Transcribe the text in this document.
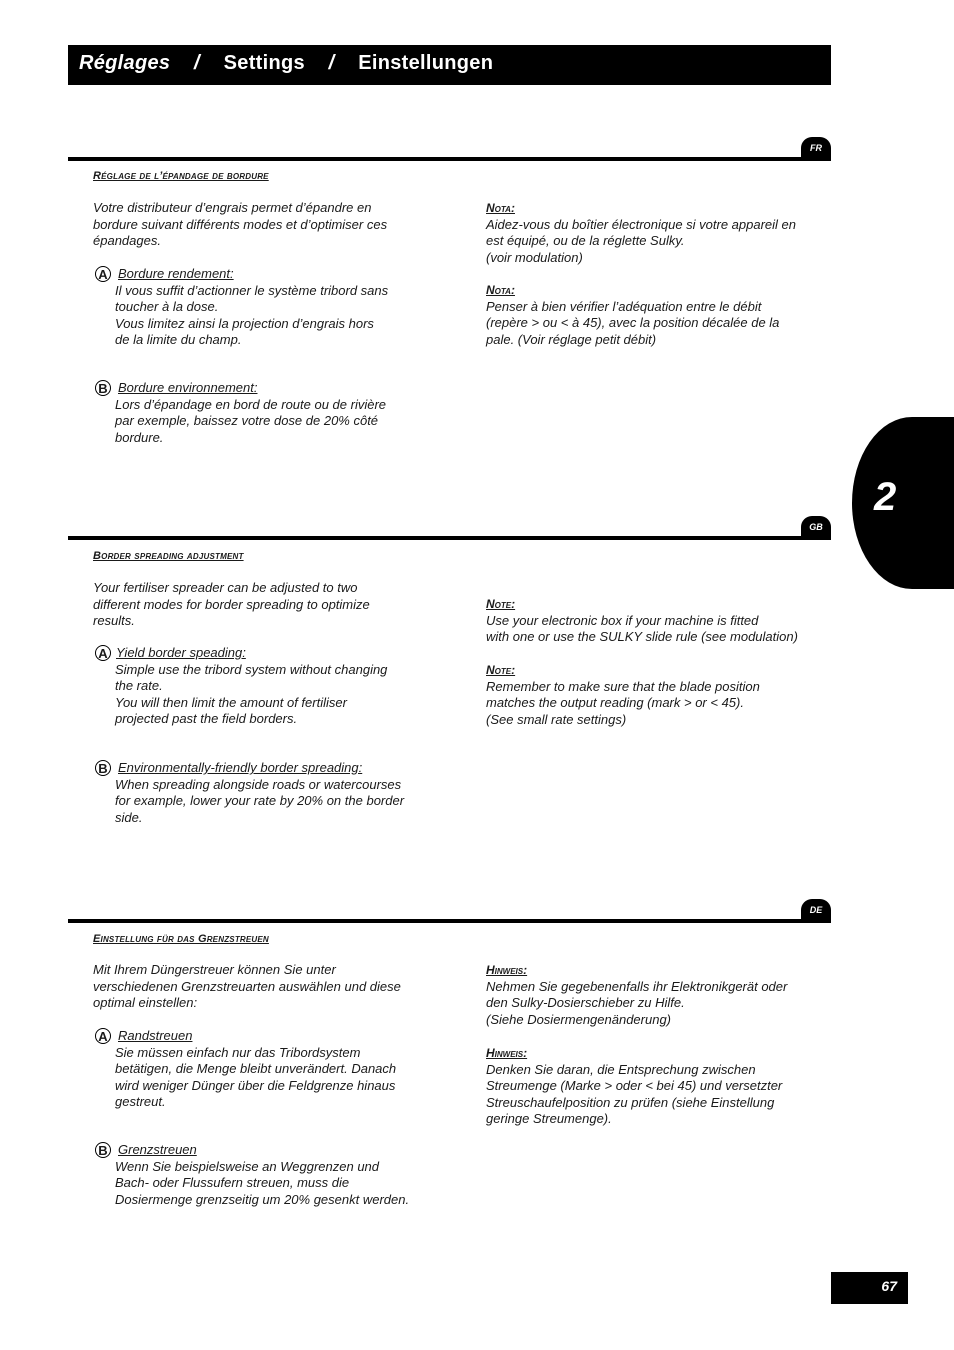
Réglages / Settings / Einstellungen
2
FR
Réglage de l’épandage de bordure
Votre distributeur d’engrais permet d’épandre en
bordure suivant différents modes et d’optimiser ces
épandages.
A Bordure rendement:
Il vous suffit d’actionner le système tribord sans
toucher à la dose.
Vous limitez ainsi la projection d’engrais hors
de la limite du champ.
B Bordure environnement:
Lors d’épandage en bord de route ou de rivière
par exemple, baissez votre dose de 20% côté
bordure.
Nota:
Aidez-vous du boîtier électronique si votre appareil en
est équipé, ou de la réglette Sulky.
(voir modulation)
Nota:
Penser à bien vérifier l’adéquation entre le débit
(repère > ou < à 45), avec la position décalée de la
pale. (Voir réglage petit débit)
GB
Border spreading adjustment
Your fertiliser spreader can be adjusted to two
different modes for border spreading to optimize
results.
A Yield border speading:
Simple use the tribord system without changing
the rate.
You will then limit the amount of fertiliser
projected past the field borders.
B Environmentally-friendly border spreading:
When spreading alongside roads or watercourses
for example, lower your rate by 20% on the border
side.
Note:
Use your electronic box if your machine is fitted
with one or use the SULKY slide rule (see modulation)
Note:
Remember to make sure that the blade position
matches the output reading (mark > or < 45).
(See small rate settings)
DE
Einstellung für das Grenzstreuen
Mit Ihrem Düngerstreuer können Sie unter
verschiedenen Grenzstreuarten auswählen und diese
optimal einstellen:
A Randstreuen
Sie müssen einfach nur das Tribordsystem
betätigen, die Menge bleibt unverändert. Danach
wird weniger Dünger über die Feldgrenze hinaus
gestreut.
B Grenzstreuen
Wenn Sie beispielsweise an Weggrenzen und
Bach- oder Flussufern streuen, muss die
Dosiermenge grenzseitig um 20% gesenkt werden.
Hinweis:
Nehmen Sie gegebenenfalls ihr Elektronikgerät oder
den Sulky-Dosierschieber zu Hilfe.
(Siehe Dosiermengenänderung)
Hinweis:
Denken Sie daran, die Entsprechung zwischen
Streumenge (Marke > oder < bei 45) und versetzter
Streuschaufelposition zu prüfen (siehe Einstellung
geringe Streumenge).
67
